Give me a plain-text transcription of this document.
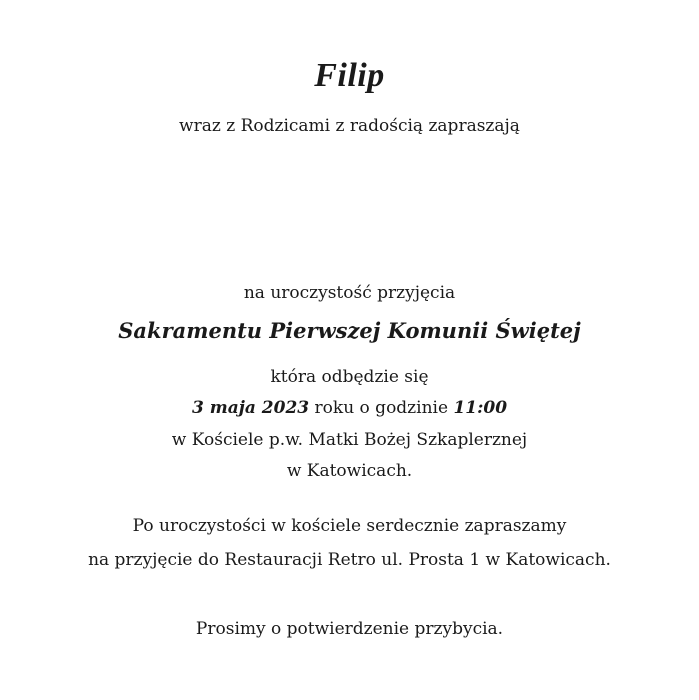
Filip
wraz z Rodzicami z radością zapraszają
na uroczystość przyjęcia
Sakramentu Pierwszej Komunii Świętej
która odbędzie się
3 maja 2023 roku o godzinie 11:00
w Kościele p.w. Matki Bożej Szkaplerznej
w Katowicach.
Po uroczystości w kościele serdecznie zapraszamy
na przyjęcie do Restauracji Retro ul. Prosta 1 w Katowicach.
Prosimy o potwierdzenie przybycia.
